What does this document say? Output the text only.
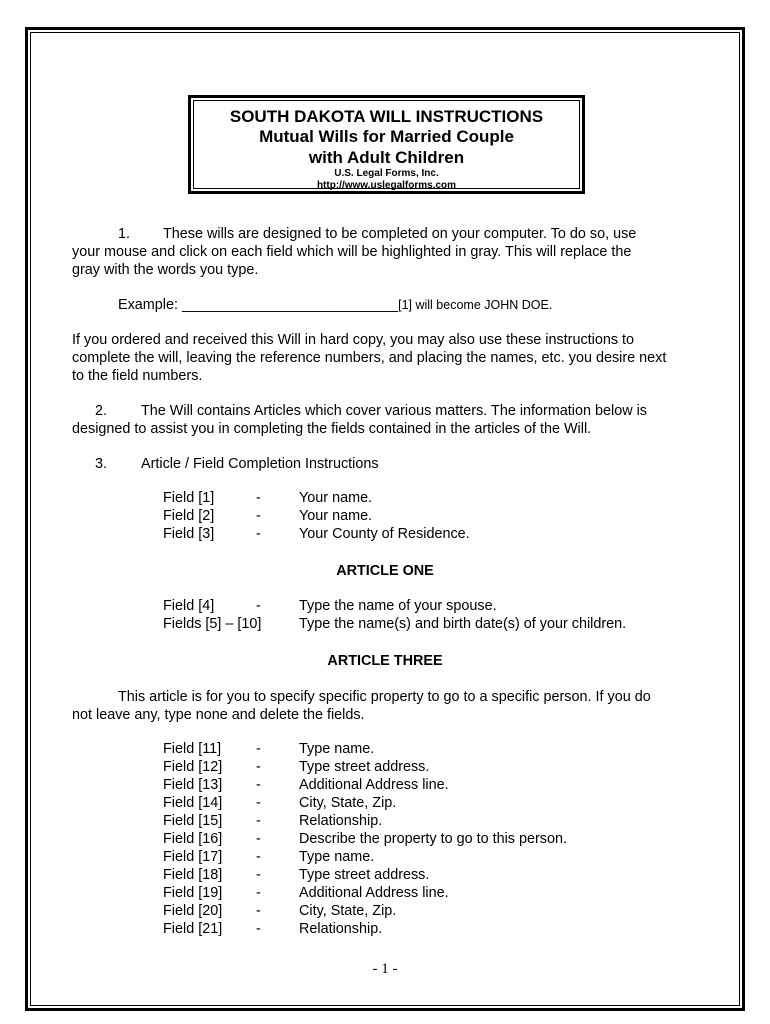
SOUTH DAKOTA WILL INSTRUCTIONS
Mutual Wills for Married Couple
with Adult Children
U.S. Legal Forms, Inc.
http://www.uslegalforms.com
1. These wills are designed to be completed on your computer. To do so, use
your mouse and click on each field which will be highlighted in gray. This will replace the
gray with the words you type.
Example: ___________________________[1] will become JOHN DOE.
If you ordered and received this Will in hard copy, you may also use these instructions to
complete the will, leaving the reference numbers, and placing the names, etc. you desire next
to the field numbers.
2. The Will contains Articles which cover various matters. The information below is
designed to assist you in completing the fields contained in the articles of the Will.
3. Article / Field Completion Instructions
Field [1]	-	Your name.
Field [2]	-	Your name.
Field [3]	-	Your County of Residence.
ARTICLE ONE
Field [4]	-	Type the name of your spouse.
Fields [5] – [10]	Type the name(s) and birth date(s) of your children.
ARTICLE THREE
This article is for you to specify specific property to go to a specific person. If you do
not leave any, type none and delete the fields.
Field [11] -	Type name.
Field [12] -	Type street address.
Field [13] -	Additional Address line.
Field [14] -	City, State, Zip.
Field [15] -	Relationship.
Field [16] -	Describe the property to go to this person.
Field [17] -	Type name.
Field [18] -	Type street address.
Field [19] -	Additional Address line.
Field [20] -	City, State, Zip.
Field [21] -	Relationship.
- 1 -
